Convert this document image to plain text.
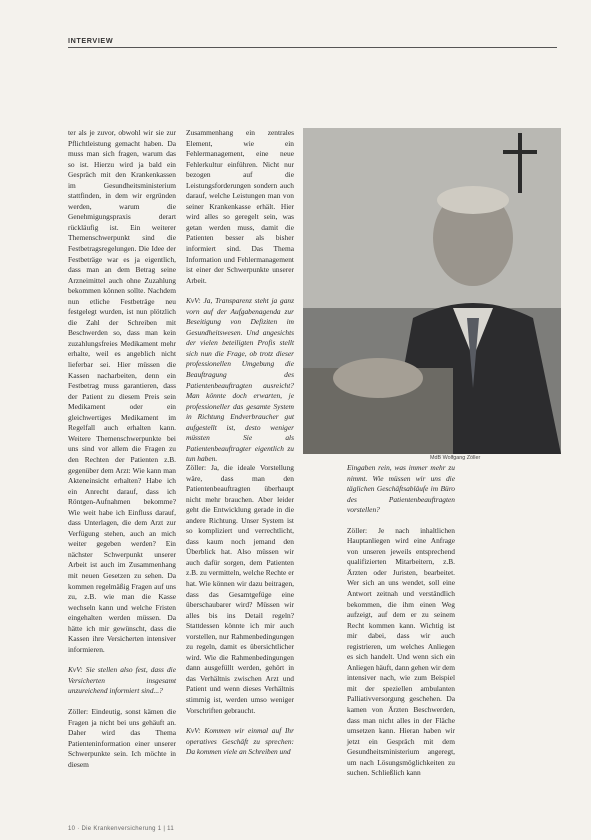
INTERVIEW

ter als je zuvor, obwohl wir sie zur Pflichtleistung gemacht haben. Da muss man sich fragen, warum das so ist. Hierzu wird ja bald ein Gespräch mit den Krankenkassen im Gesundheitsministerium stattfinden, in dem wir ergründen werden, warum die Genehmigungspraxis derart rückläufig ist. Ein weiterer Themenschwerpunkt sind die Festbetragsregelungen. Die Idee der Festbeträge war es ja eigentlich, dass man an dem Betrag seine Arzneimittel auch ohne Zuzahlung bekommen können sollte. Nachdem nun etliche Festbeträge neu festgelegt wurden, ist nun plötzlich die Zahl der Schreiben mit Beschwerden so, dass man kein zuzahlungsfreies Medikament mehr erhalte, weil es angeblich nicht lieferbar sei. Hier müssen die Kassen nacharbeiten, denn ein Festbetrag muss garantieren, dass der Patient zu diesem Preis sein Medikament oder ein gleichwertiges Medikament im Regelfall auch erhalten kann. Weitere Themenschwerpunkte bei uns sind vor allem die Fragen zu den Rechten der Patienten z.B. gegenüber dem Arzt: Wie kann man Akteneinsicht erhalten? Habe ich ein Anrecht darauf, dass ich Röntgen-Aufnahmen bekomme? Wie weit habe ich Einfluss darauf, dass Unterlagen, die dem Arzt zur Verfügung stehen, auch an mich weiter gegeben werden? Ein nächster Schwerpunkt unserer Arbeit ist auch im Zusammenhang mit neuen Gesetzen zu sehen. Da kommen regelmäßig Fragen auf uns zu, z.B. wie man die Kasse wechseln kann und welche Fristen eingehalten werden müssen. Da hätte ich mir gewünscht, dass die Kassen ihre Versicherten intensiver informieren.

KvV: Sie stellen also fest, dass die Versicherten insgesamt unzureichend informiert sind...?

Zöller: Eindeutig, sonst kämen die Fragen ja nicht bei uns gehäuft an. Daher wird das Thema Patienteninformation einer unserer Schwerpunkte sein. Ich möchte in diesem

Zusammenhang ein zentrales Element, wie ein Fehlermanagement, eine neue Fehlerkultur einführen. Nicht nur bezogen auf die Leistungsforderungen sondern auch darauf, welche Leistungen man von seiner Krankenkasse erhält. Hier wird alles so geregelt sein, was getan werden muss, damit die Patienten besser als bisher informiert sind. Das Thema Information und Fehlermanagement ist einer der Schwerpunkte unserer Arbeit.

KvV: Ja, Transparenz steht ja ganz vorn auf der Aufgabenagenda zur Beseitigung von Defiziten im Gesundheitswesen. Und angesichts der vielen beteiligten Profis stellt sich nun die Frage, ob trotz dieser professionellen Umgebung die Beauftragung des Patientenbeauftragten ausreicht? Man könnte doch erwarten, je professioneller das gesamte System in Richtung Endverbraucher gut aufgestellt ist, desto weniger müssten Sie als Patientenbeauftragter eigentlich zu tun haben.	MdB Wolfgang Zöller

Zöller: Ja, die ideale Vorstellung wäre, dass man den Patientenbeauftragten überhaupt nicht mehr brauchen. Aber leider geht die Entwicklung gerade in die andere Richtung. Unser System ist so kompliziert und verrechtlicht, dass kaum noch jemand den Überblick hat. Also müssen wir auch dafür sorgen, dem Patienten z.B. zu vermitteln, welche Rechte er hat. Wie können wir dazu beitragen, dass das Gesamtgefüge eine überschaubarer wird? Müssen wir alles bis ins Detail regeln? Stattdessen könnte ich mir auch vorstellen, nur Rahmenbedingungen zu regeln, damit es übersichtlicher wird. Wie die Rahmenbedingungen dann ausgefüllt werden, gehört in das Verhältnis zwischen Arzt und Patient und wenn dieses Verhältnis stimmig ist, werden umso weniger Vorschriften gebraucht.

KvV: Kommen wir einmal auf Ihr operatives Geschäft zu sprechen: Da kommen viele an Schreiben und

Eingaben rein, was immer mehr zu nimmt. Wie müssen wir uns die täglichen Geschäftsabläufe im Büro des Patientenbeauftragten vorstellen?

Zöller: Je nach inhaltlichen Hauptanliegen wird eine Anfrage von unseren jeweils entsprechend qualifizierten Mitarbeitern, z.B. Ärzten oder Juristen, bearbeitet. Wer sich an uns wendet, soll eine Antwort zeitnah und verständlich bekommen, die ihm einen Weg aufzeigt, auf dem er zu seinem Recht kommen kann. Wichtig ist mir dabei, dass wir auch registrieren, um welches Anliegen es sich handelt. Und wenn sich ein Anliegen häuft, dann gehen wir dem intensiver nach, wie zum Beispiel mit der speziellen ambulanten Palliativversorgung geschehen. Da kamen von Ärzten Beschwerden, dass man nicht alles in der Fläche umsetzen kann. Hieran haben wir jetzt ein Gespräch mit dem Gesundheitsministerium angeregt, um nach Lösungsmöglichkeiten zu suchen. Schließlich kann

10 · Die Krankenversicherung 1 | 11
